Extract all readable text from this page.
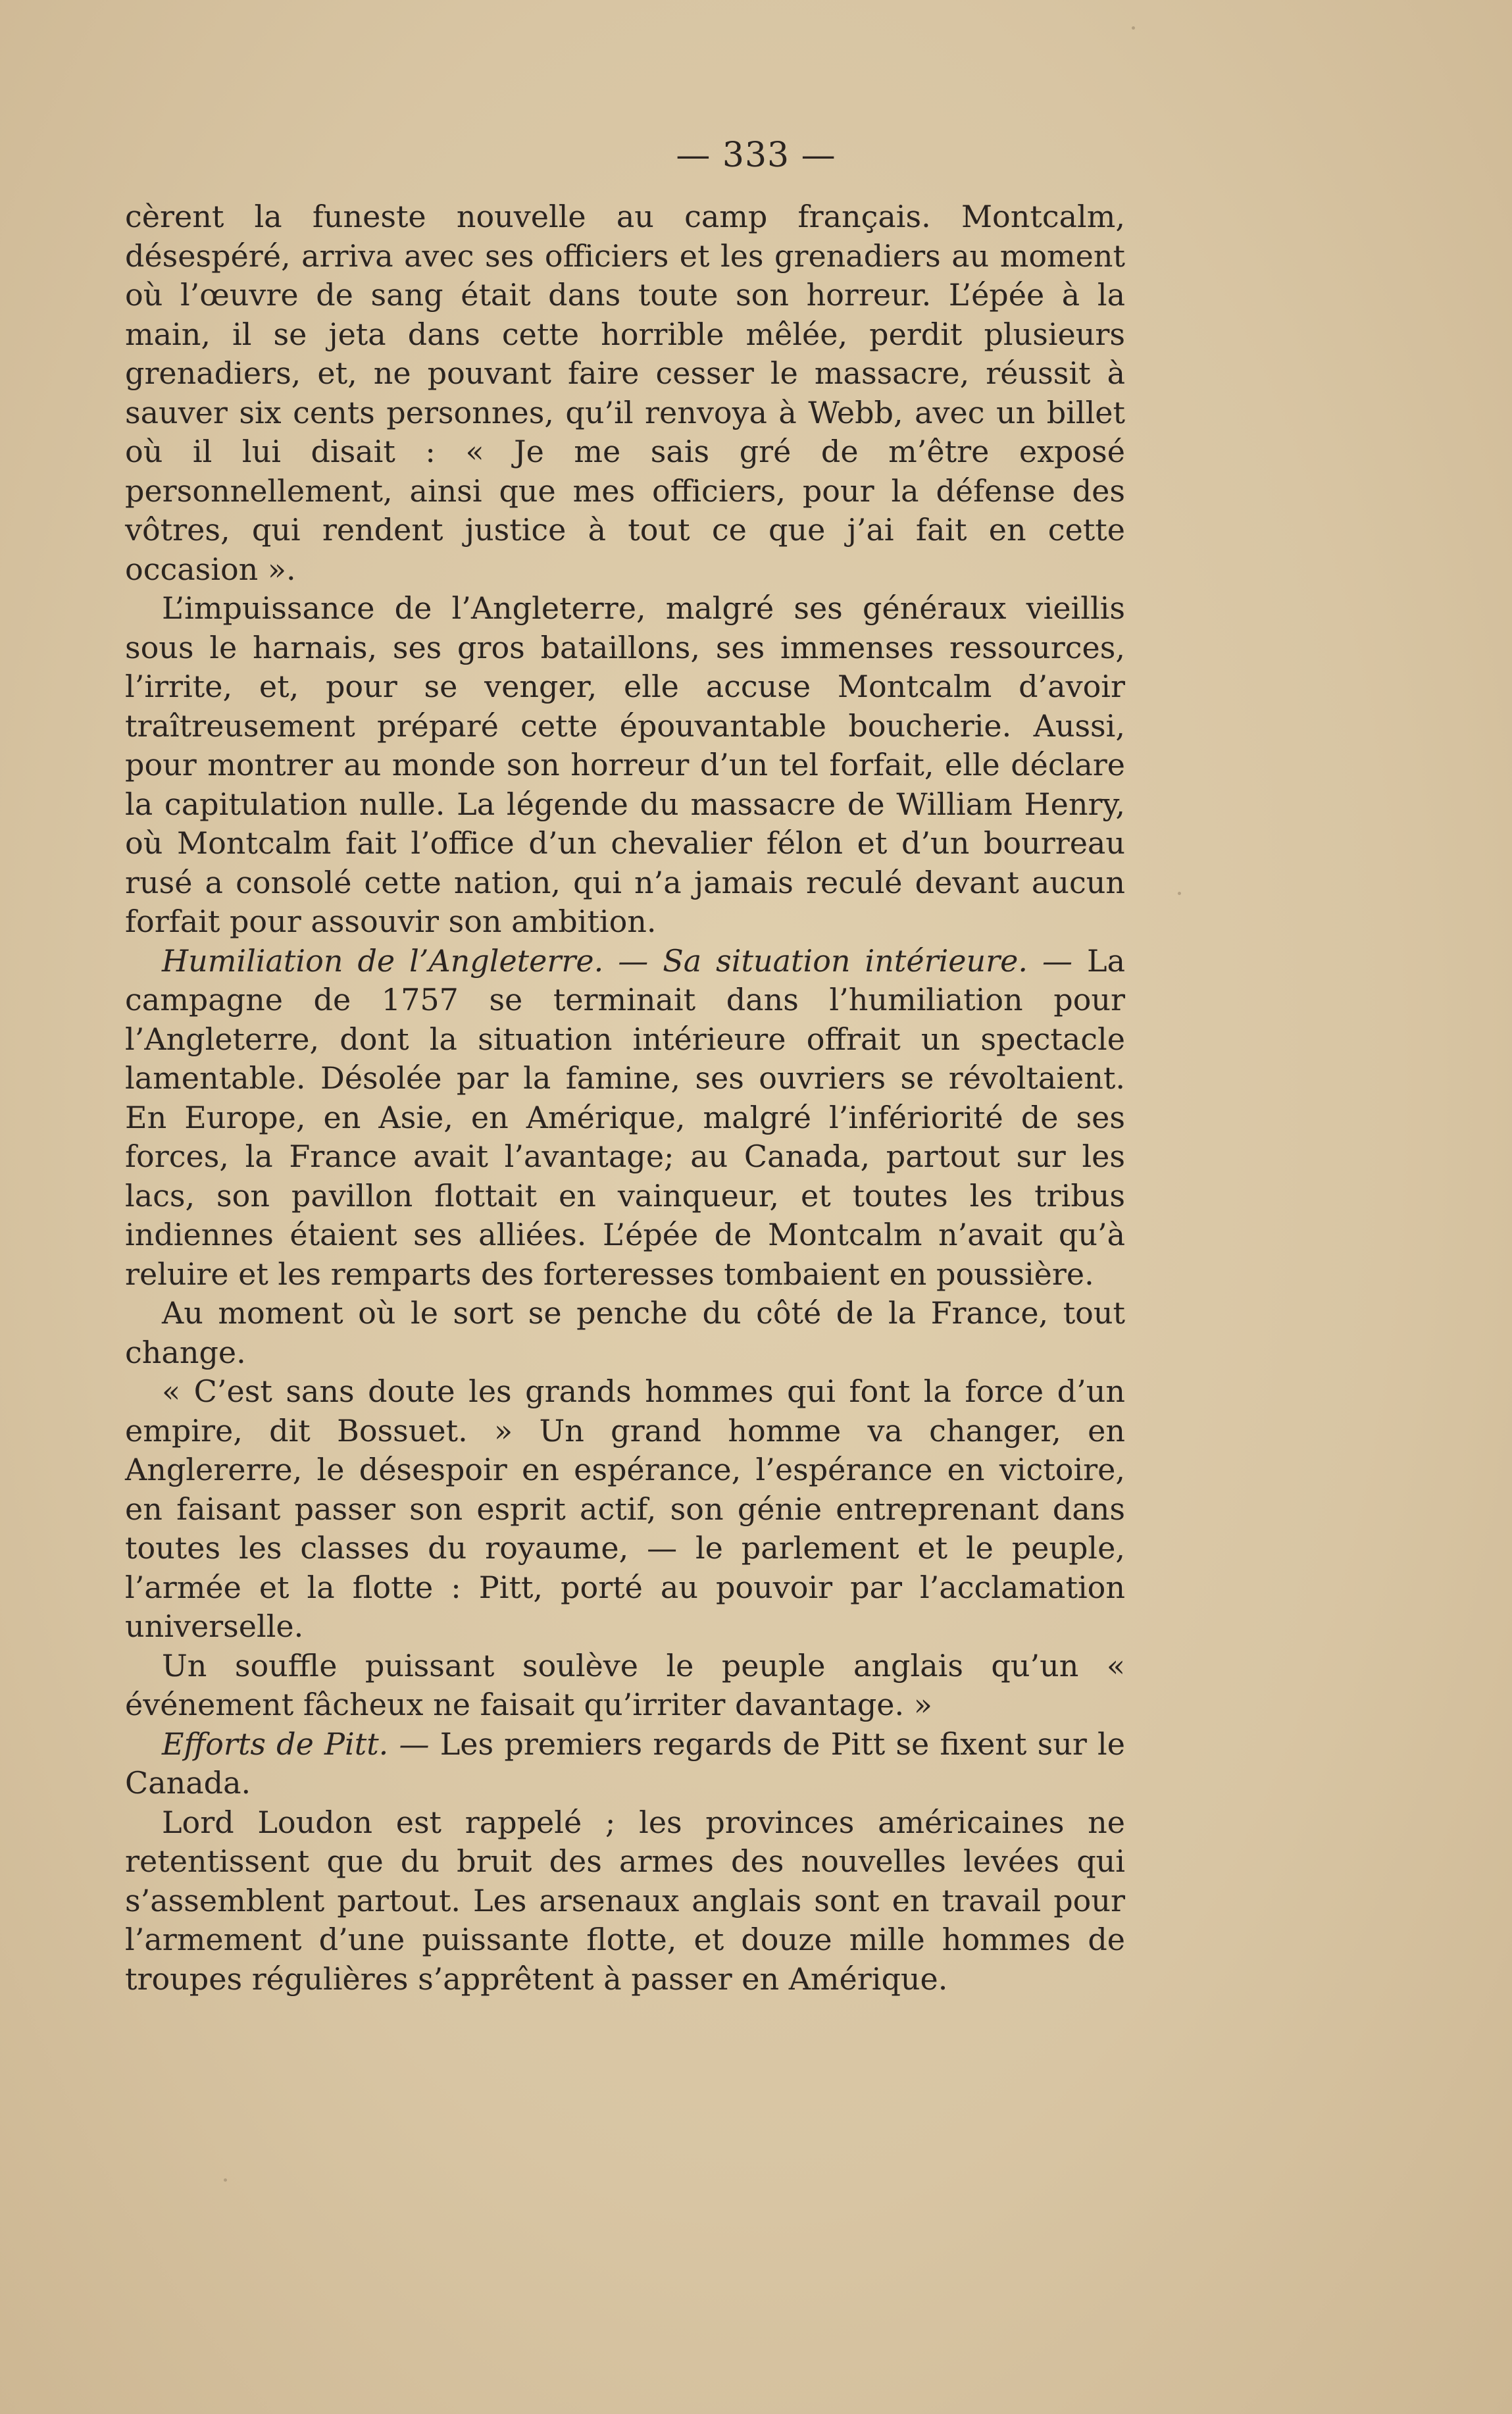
— 333 —

cèrent la funeste nouvelle au camp français. Montcalm, désespéré, arriva avec ses officiers et les grenadiers au moment où l’œuvre de sang était dans toute son horreur. L’épée à la main, il se jeta dans cette horrible mêlée, perdit plusieurs grenadiers, et, ne pouvant faire cesser le massacre, réussit à sauver six cents personnes, qu’il renvoya à Webb, avec un billet où il lui disait : « Je me sais gré de m’être exposé personnellement, ainsi que mes officiers, pour la défense des vôtres, qui rendent justice à tout ce que j’ai fait en cette occasion ».

L’impuissance de l’Angleterre, malgré ses généraux vieillis sous le harnais, ses gros bataillons, ses immenses ressources, l’irrite, et, pour se venger, elle accuse Montcalm d’avoir traîtreusement préparé cette épouvantable boucherie. Aussi, pour montrer au monde son horreur d’un tel forfait, elle déclare la capitulation nulle. La légende du massacre de William Henry, où Montcalm fait l’office d’un chevalier félon et d’un bourreau rusé a consolé cette nation, qui n’a jamais reculé devant aucun forfait pour assouvir son ambition.

Humiliation de l’Angleterre. — Sa situation intérieure. — La campagne de 1757 se terminait dans l’humiliation pour l’Angleterre, dont la situation intérieure offrait un spectacle lamentable. Désolée par la famine, ses ouvriers se révoltaient. En Europe, en Asie, en Amérique, malgré l’infériorité de ses forces, la France avait l’avantage; au Canada, partout sur les lacs, son pavillon flottait en vainqueur, et toutes les tribus indiennes étaient ses alliées. L’épée de Montcalm n’avait qu’à reluire et les remparts des forteresses tombaient en poussière.

Au moment où le sort se penche du côté de la France, tout change.

« C’est sans doute les grands hommes qui font la force d’un empire, dit Bossuet. » Un grand homme va changer, en Anglererre, le désespoir en espérance, l’espérance en victoire, en faisant passer son esprit actif, son génie entreprenant dans toutes les classes du royaume, — le parlement et le peuple, l’armée et la flotte : Pitt, porté au pouvoir par l’acclamation universelle.

Un souffle puissant soulève le peuple anglais qu’un « événement fâcheux ne faisait qu’irriter davantage. »

Efforts de Pitt. — Les premiers regards de Pitt se fixent sur le Canada.

Lord Loudon est rappelé ; les provinces américaines ne retentissent que du bruit des armes des nouvelles levées qui s’assemblent partout. Les arsenaux anglais sont en travail pour l’armement d’une puissante flotte, et douze mille hommes de troupes régulières s’apprêtent à passer en Amérique.
